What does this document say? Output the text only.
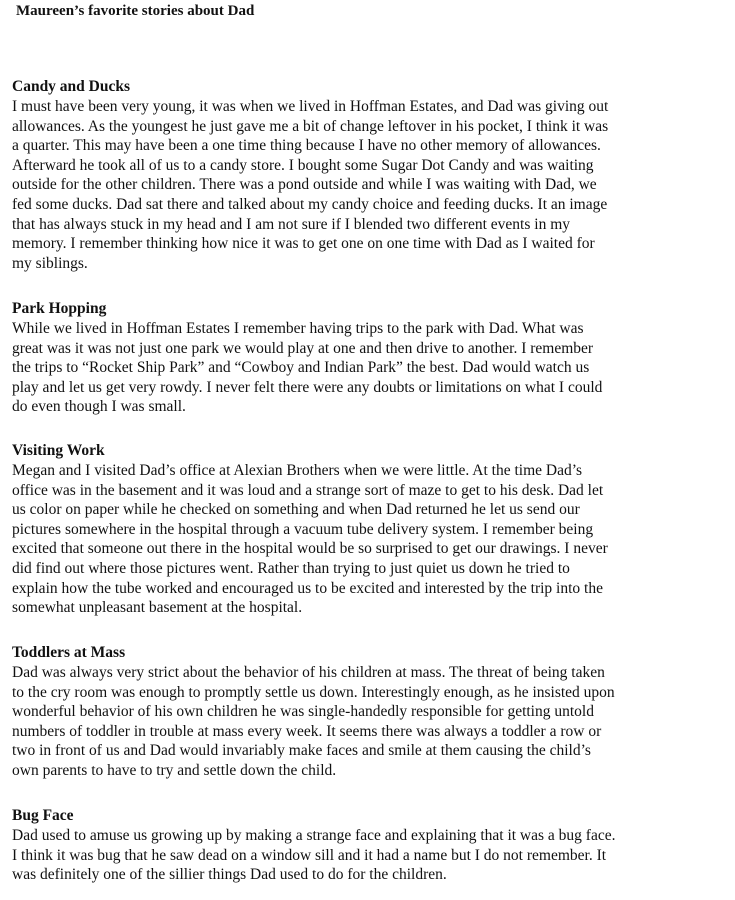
Maureen’s favorite stories about Dad
Candy and Ducks
I must have been very young, it was when we lived in Hoffman Estates, and Dad was giving out
allowances. As the youngest he just gave me a bit of change leftover in his pocket, I think it was
a quarter. This may have been a one time thing because I have no other memory of allowances.
Afterward he took all of us to a candy store. I bought some Sugar Dot Candy and was waiting
outside for the other children. There was a pond outside and while I was waiting with Dad, we
fed some ducks. Dad sat there and talked about my candy choice and feeding ducks. It an image
that has always stuck in my head and I am not sure if I blended two different events in my
memory. I remember thinking how nice it was to get one on one time with Dad as I waited for
my siblings.
Park Hopping
While we lived in Hoffman Estates I remember having trips to the park with Dad. What was
great was it was not just one park we would play at one and then drive to another. I remember
the trips to “Rocket Ship Park” and “Cowboy and Indian Park” the best. Dad would watch us
play and let us get very rowdy. I never felt there were any doubts or limitations on what I could
do even though I was small.
Visiting Work
Megan and I visited Dad’s office at Alexian Brothers when we were little. At the time Dad’s
office was in the basement and it was loud and a strange sort of maze to get to his desk. Dad let
us color on paper while he checked on something and when Dad returned he let us send our
pictures somewhere in the hospital through a vacuum tube delivery system. I remember being
excited that someone out there in the hospital would be so surprised to get our drawings. I never
did find out where those pictures went. Rather than trying to just quiet us down he tried to
explain how the tube worked and encouraged us to be excited and interested by the trip into the
somewhat unpleasant basement at the hospital.
Toddlers at Mass
Dad was always very strict about the behavior of his children at mass. The threat of being taken
to the cry room was enough to promptly settle us down. Interestingly enough, as he insisted upon
wonderful behavior of his own children he was single-handedly responsible for getting untold
numbers of toddler in trouble at mass every week. It seems there was always a toddler a row or
two in front of us and Dad would invariably make faces and smile at them causing the child’s
own parents to have to try and settle down the child.
Bug Face
Dad used to amuse us growing up by making a strange face and explaining that it was a bug face.
I think it was bug that he saw dead on a window sill and it had a name but I do not remember. It
was definitely one of the sillier things Dad used to do for the children.
